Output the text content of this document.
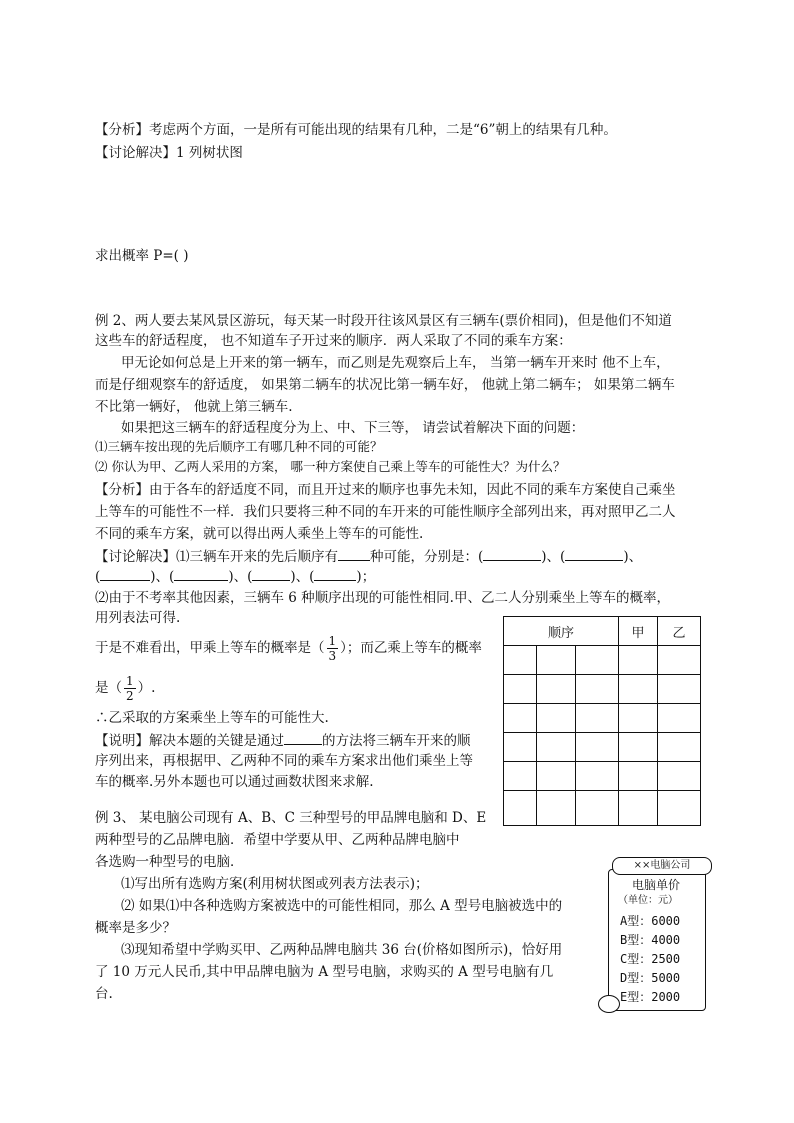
【分析】考虑两个方面，一是所有可能出现的结果有几种，二是“6”朝上的结果有几种。
【讨论解决】1 列树状图
求出概率 P=( )
例 2、两人要去某风景区游玩，每天某一时段开往该风景区有三辆车(票价相同)，但是他们不知道
这些车的舒适程度， 也不知道车子开过来的顺序．两人采取了不同的乘车方案：
甲无论如何总是上开来的第一辆车，而乙则是先观察后上车， 当第一辆车开来时 他不上车，
而是仔细观察车的舒适度， 如果第二辆车的状况比第一辆车好， 他就上第二辆车； 如果第二辆车
不比第一辆好， 他就上第三辆车.
如果把这三辆车的舒适程度分为上、中、下三等， 请尝试着解决下面的问题：
⑴三辆车按出现的先后顺序工有哪几种不同的可能？
⑵ 你认为甲、乙两人采用的方案， 哪一种方案使自己乘上等车的可能性大？为什么？
【分析】由于各车的舒适度不同，而且开过来的顺序也事先未知，因此不同的乘车方案使自己乘坐
上等车的可能性不一样．我们只要将三种不同的车开来的可能性顺序全部列出来，再对照甲乙二人
不同的乘车方案，就可以得出两人乘坐上等车的可能性.
【讨论解决】⑴三辆车开来的先后顺序有 种可能，分别是：(	)、(	)、
(	)、(	)、(	)、(	)；
⑵由于不考率其他因素，三辆车 6 种顺序出现的可能性相同.甲、乙二人分别乘坐上等车的概率，
用列表法可得.
于是不难看出，甲乘上等车的概率是（ $\frac{1}{3}$ ）；而乙乘上等车的概率
是（ $\frac{1}{2}$ ）.
∴乙采取的方案乘坐上等车的可能性大.
【说明】解决本题的关键是通过	的方法将三辆车开来的顺
序列出来，再根据甲、乙两种不同的乘车方案求出他们乘坐上等
车的概率.另外本题也可以通过画数状图来求解.
顺序			甲	乙

例 3、 某电脑公司现有 A、B、C 三种型号的甲品牌电脑和 D、E
两种型号的乙品牌电脑．希望中学要从甲、乙两种品牌电脑中
各选购一种型号的电脑．
⑴写出所有选购方案(利用树状图或列表方法表示)；
⑵ 如果⑴中各种选购方案被选中的可能性相同，那么 A 型号电脑被选中的
概率是多少？
⑶现知希望中学购买甲、乙两种品牌电脑共 36 台(价格如图所示)，恰好用
了 10 万元人民币,其中甲品牌电脑为 A 型号电脑，求购买的 A 型号电脑有几
台.
××电脑公司
电脑单价
（单位：元）
A型：6000
B型：4000
C型：2500
D型：5000
E型：2000
